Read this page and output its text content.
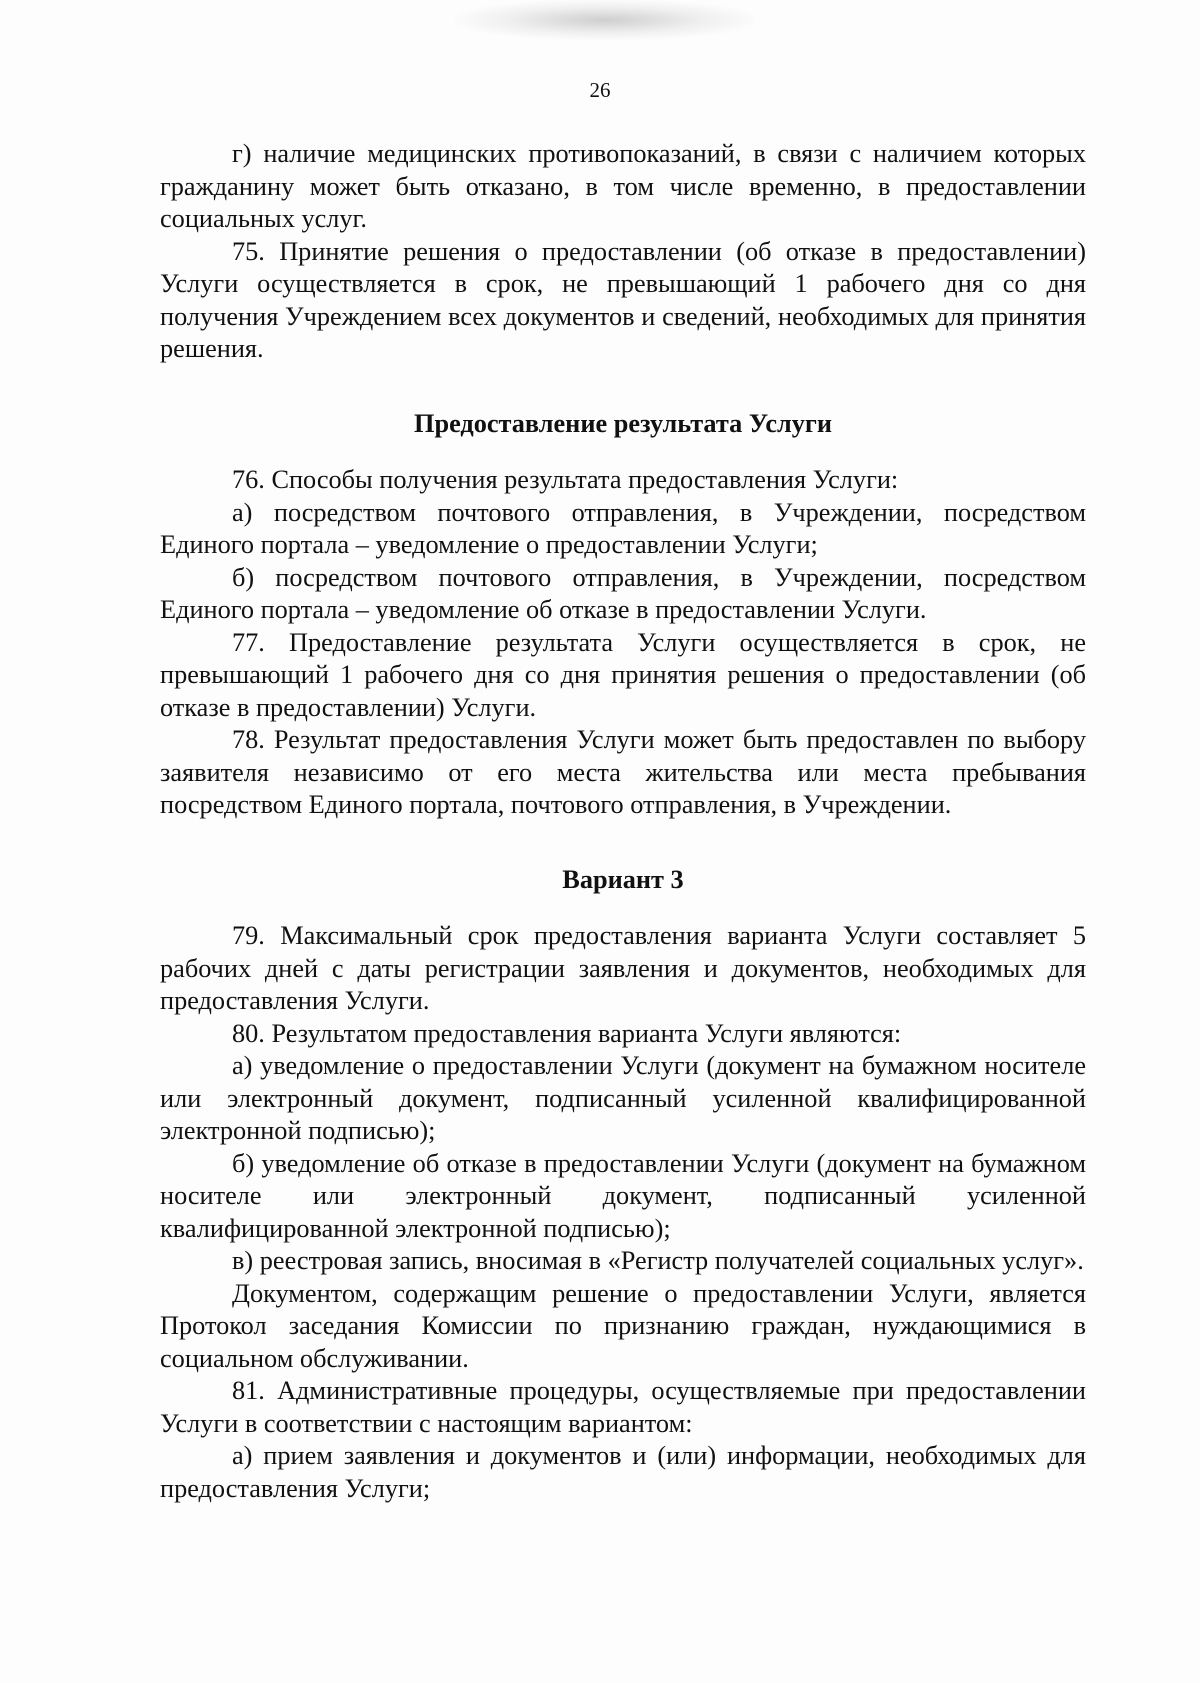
26

г) наличие медицинских противопоказаний, в связи с наличием которых гражданину может быть отказано, в том числе временно, в предоставлении социальных услуг.

75. Принятие решения о предоставлении (об отказе в предоставлении) Услуги осуществляется в срок, не превышающий 1 рабочего дня со дня получения Учреждением всех документов и сведений, необходимых для принятия решения.

Предоставление результата Услуги

76. Способы получения результата предоставления Услуги:

а) посредством почтового отправления, в Учреждении, посредством Единого портала – уведомление о предоставлении Услуги;

б) посредством почтового отправления, в Учреждении, посредством Единого портала – уведомление об отказе в предоставлении Услуги.

77. Предоставление результата Услуги осуществляется в срок, не превышающий 1 рабочего дня со дня принятия решения о предоставлении (об отказе в предоставлении) Услуги.

78. Результат предоставления Услуги может быть предоставлен по выбору заявителя независимо от его места жительства или места пребывания посредством Единого портала, почтового отправления, в Учреждении.

Вариант 3

79. Максимальный срок предоставления варианта Услуги составляет 5 рабочих дней с даты регистрации заявления и документов, необходимых для предоставления Услуги.

80. Результатом предоставления варианта Услуги являются:

а) уведомление о предоставлении Услуги (документ на бумажном носителе или электронный документ, подписанный усиленной квалифицированной электронной подписью);

б) уведомление об отказе в предоставлении Услуги (документ на бумажном носителе или электронный документ, подписанный усиленной квалифицированной электронной подписью);

в) реестровая запись, вносимая в «Регистр получателей социальных услуг».

Документом, содержащим решение о предоставлении Услуги, является Протокол заседания Комиссии по признанию граждан, нуждающимися в социальном обслуживании.

81. Административные процедуры, осуществляемые при предоставлении Услуги в соответствии с настоящим вариантом:

а) прием заявления и документов и (или) информации, необходимых для предоставления Услуги;
